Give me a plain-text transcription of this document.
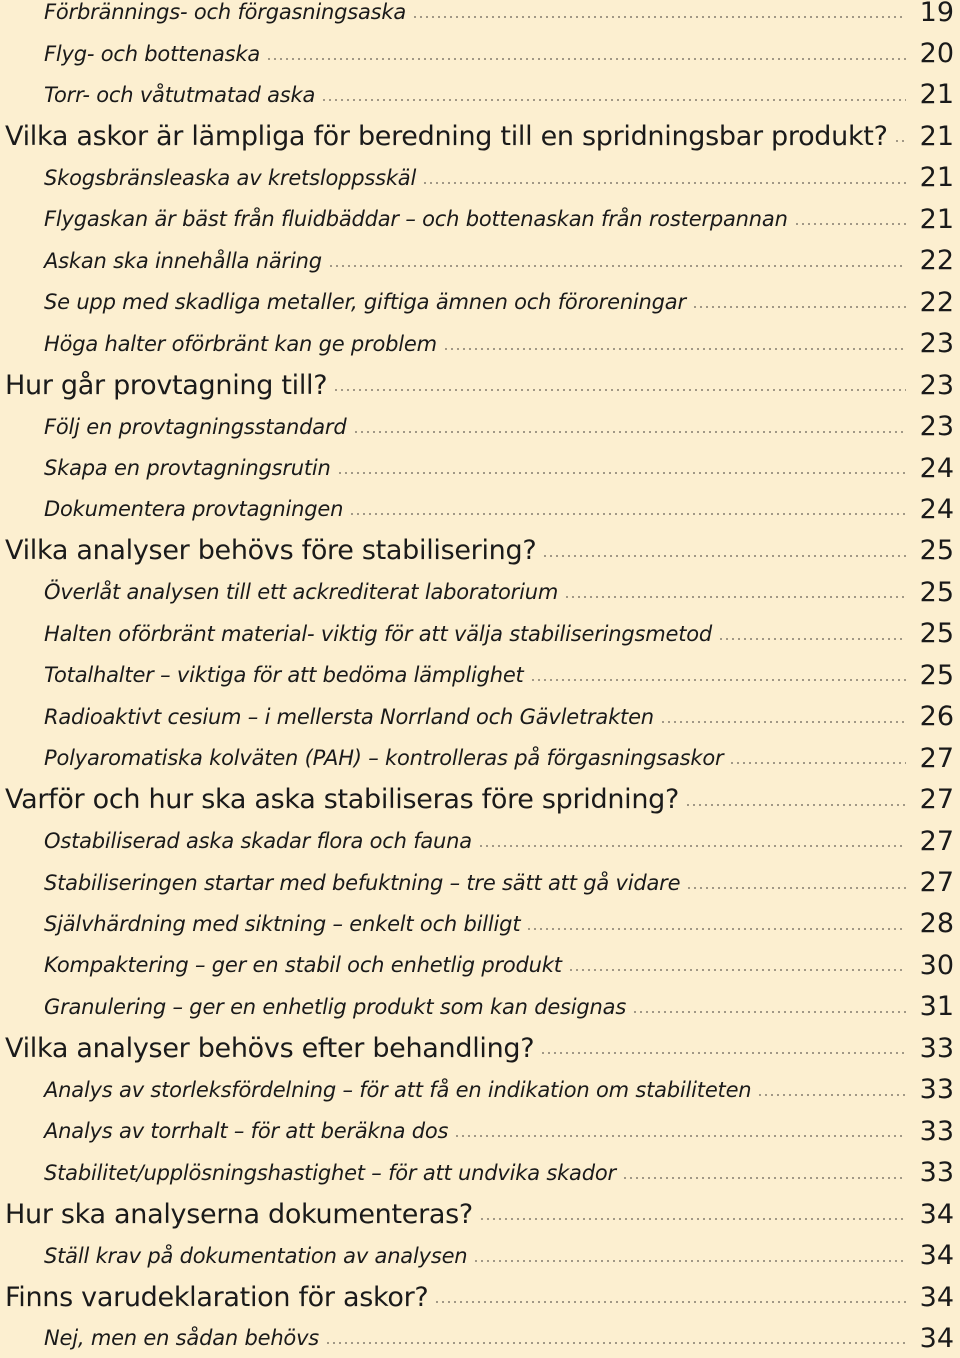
Förbrännings- och förgasningsaska	19
Flyg- och bottenaska	20
Torr- och våtutmatad aska	21
Vilka askor är lämpliga för beredning till en spridningsbar produkt? 21
Skogsbränsleaska av kretsloppsskäl	21
Flygaskan är bäst från fluidbäddar – och bottenaskan från rosterpannan	21
Askan ska innehålla näring	22
Se upp med skadliga metaller, giftiga ämnen och föroreningar	22
Höga halter oförbränt kan ge problem	23
Hur går provtagning till?	23
Följ en provtagningsstandard	23
Skapa en provtagningsrutin	24
Dokumentera provtagningen	24
Vilka analyser behövs före stabilisering?	25
Överlåt analysen till ett ackrediterat laboratorium	25
Halten oförbränt material- viktig för att välja stabiliseringsmetod	25
Totalhalter – viktiga för att bedöma lämplighet	25
Radioaktivt cesium – i mellersta Norrland och Gävletrakten	26
Polyaromatiska kolväten (PAH) – kontrolleras på förgasningsaskor	27
Varför och hur ska aska stabiliseras före spridning?	27
Ostabiliserad aska skadar flora och fauna	27
Stabiliseringen startar med befuktning – tre sätt att gå vidare	27
Självhärdning med siktning – enkelt och billigt	28
Kompaktering – ger en stabil och enhetlig produkt	30
Granulering – ger en enhetlig produkt som kan designas	31
Vilka analyser behövs efter behandling?	33
Analys av storleksfördelning – för att få en indikation om stabiliteten	33
Analys av torrhalt – för att beräkna dos	33
Stabilitet/upplösningshastighet – för att undvika skador	33
Hur ska analyserna dokumenteras?	34
Ställ krav på dokumentation av analysen	34
Finns varudeklaration för askor?	34
Nej, men en sådan behövs	34
